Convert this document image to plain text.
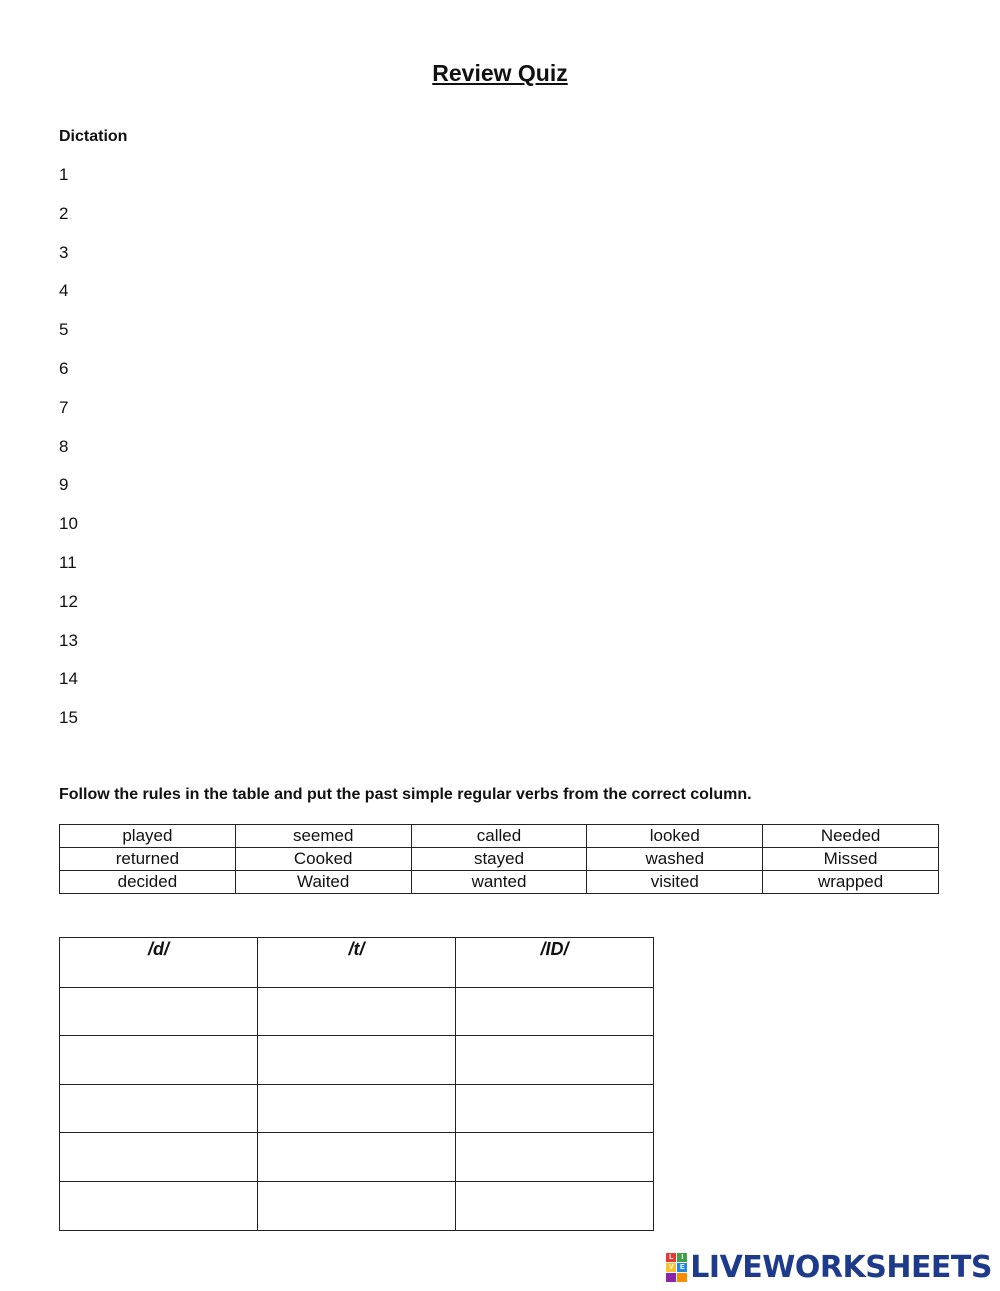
Review Quiz
Dictation
1
2
3
4
5
6
7
8
9
10
11
12
13
14
15
Follow the rules in the table and put the past simple regular verbs from the correct column.
played	seemed	called	looked	Needed
returned	Cooked	stayed	washed	Missed
decided	Waited	wanted	visited	wrapped
/d/	/t/	/ID/

L	I
V E LIVEWORKSHEETS
